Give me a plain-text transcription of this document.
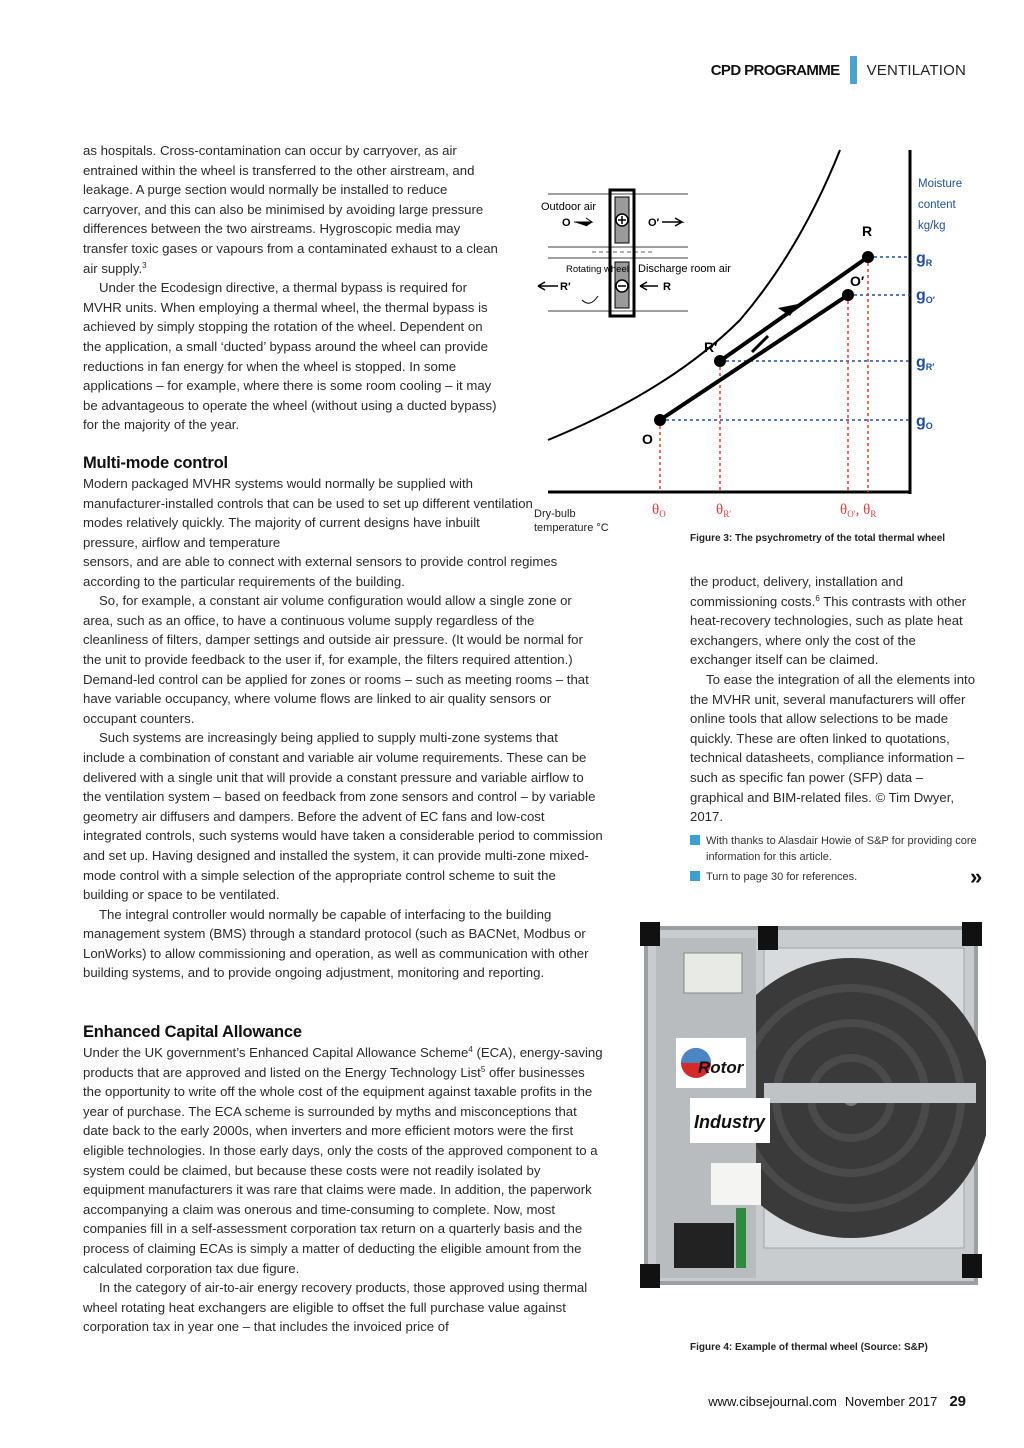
CPD PROGRAMME VENTILATION

as hospitals. Cross-contamination can occur by carryover, as air entrained within the wheel is transferred to the other airstream, and leakage. A purge section would normally be installed to reduce carryover, and this can also be minimised by avoiding large pressure differences between the two airstreams. Hygroscopic media may transfer toxic gases or vapours from a contaminated exhaust to a clean air supply.$^3$

Under the Ecodesign directive, a thermal bypass is required for MVHR units. When employing a thermal wheel, the thermal bypass is achieved by simply stopping the rotation of the wheel. Dependent on the application, a small ‘ducted’ bypass around the wheel can provide reductions in fan energy for when the wheel is stopped. In some applications – for example, where there is some room cooling – it may be advantageous to operate the wheel (without using a ducted bypass) for the majority of the year.

Multi-mode control

Modern packaged MVHR systems would normally be supplied with manufacturer-installed controls that can be used to set up different ventilation modes relatively quickly. The majority of current designs have inbuilt pressure, airflow and temperature

sensors, and are able to connect with external sensors to provide control regimes according to the particular requirements of the building.

So, for example, a constant air volume configuration would allow a single zone or area, such as an office, to have a continuous volume supply regardless of the cleanliness of filters, damper settings and outside air pressure. (It would be normal for the unit to provide feedback to the user if, for example, the filters required attention.) Demand-led control can be applied for zones or rooms – such as meeting rooms – that have variable occupancy, where volume flows are linked to air quality sensors or occupant counters.

Such systems are increasingly being applied to supply multi-zone systems that include a combination of constant and variable air volume requirements. These can be delivered with a single unit that will provide a constant pressure and variable airflow to the ventilation system – based on feedback from zone sensors and control – by variable geometry air diffusers and dampers. Before the advent of EC fans and low-cost integrated controls, such systems would have taken a considerable period to commission and set up. Having designed and installed the system, it can provide multi-zone mixed-mode control with a simple selection of the appropriate control scheme to suit the building or space to be ventilated.

The integral controller would normally be capable of interfacing to the building management system (BMS) through a standard protocol (such as BACNet, Modbus or LonWorks) to allow commissioning and operation, as well as communication with other building systems, and to provide ongoing adjustment, monitoring and reporting.

Enhanced Capital Allowance

Under the UK government’s Enhanced Capital Allowance Scheme$^4$ (ECA), energy-saving products that are approved and listed on the Energy Technology List$^5$ offer businesses the opportunity to write off the whole cost of the equipment against taxable profits in the year of purchase. The ECA scheme is surrounded by myths and misconceptions that date back to the early 2000s, when inverters and more efficient motors were the first eligible technologies. In those early days, only the costs of the approved component to a system could be claimed, but because these costs were not readily isolated by equipment manufacturers it was rare that claims were made. In addition, the paperwork accompanying a claim was onerous and time-consuming to complete. Now, most companies fill in a self-assessment corporation tax return on a quarterly basis and the process of claiming ECAs is simply a matter of deducting the eligible amount from the calculated corporation tax due figure.

In the category of air-to-air energy recovery products, those approved using thermal wheel rotating heat exchangers are eligible to offset the full purchase value against corporation tax in year one – that includes the invoiced price of

the product, delivery, installation and commissioning costs.$^6$ This contrasts with other heat-recovery technologies, such as plate heat exchangers, where only the cost of the exchanger itself can be claimed.

To ease the integration of all the elements into the MVHR unit, several manufacturers will offer online tools that allow selections to be made quickly. These are often linked to quotations, technical datasheets, compliance information – such as specific fan power (SFP) data – graphical and BIM-related files. © Tim Dwyer, 2017.

With thanks to Alasdair Howie of S&P for providing core information for this article.
Turn to page 30 for references.	»
Outdoor air
O	O′
Rotating wheel Discharge room air
R′	R
R
O′
R′
O
Moisture
content
kg/kg
gR
gO′
gR′
gO
$\theta_O$	$\theta_{R'}$	$\theta_{O'}$, $\theta_R$
Dry-bulb
temperature °C
Figure 3: The psychrometry of the total thermal wheel
Rotor
Industry
Figure 4: Example of thermal wheel (Source: S&P)
www.cibsejournal.com November 2017 29
